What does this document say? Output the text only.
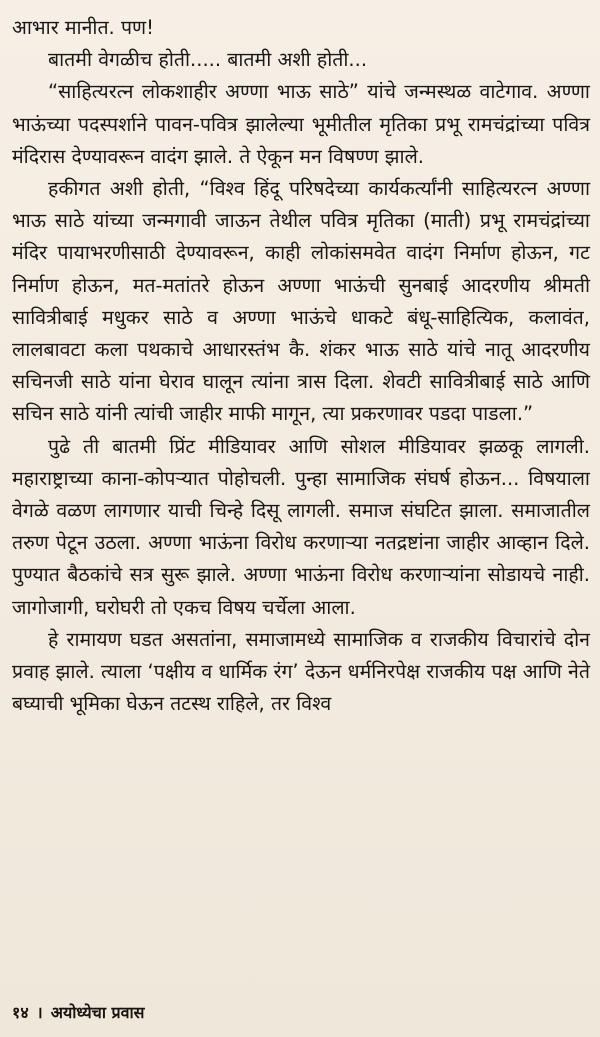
आभार मानीत. पण!

बातमी वेगळीच होती..... बातमी अशी होती...

“साहित्यरत्न लोकशाहीर अण्णा भाऊ साठे” यांचे जन्मस्थळ वाटेगाव. अण्णा भाऊंच्या पदस्पर्शाने पावन-पवित्र झालेल्या भूमीतील मृतिका प्रभू रामचंद्रांच्या पवित्र मंदिरास देण्यावरून वादंग झाले. ते ऐकून मन विषण्ण झाले.

हकीगत अशी होती, “विश्व हिंदू परिषदेच्या कार्यकर्त्यांनी साहित्यरत्न अण्णा भाऊ साठे यांच्या जन्मगावी जाऊन तेथील पवित्र मृतिका (माती) प्रभू रामचंद्रांच्या मंदिर पायाभरणीसाठी देण्यावरून, काही लोकांसमवेत वादंग निर्माण होऊन, गट निर्माण होऊन, मत-मतांतरे होऊन अण्णा भाऊंची सुनबाई आदरणीय श्रीमती सावित्रीबाई मधुकर साठे व अण्णा भाऊंचे धाकटे बंधू-साहित्यिक, कलावंत, लालबावटा कला पथकाचे आधारस्तंभ कै. शंकर भाऊ साठे यांचे नातू आदरणीय सचिनजी साठे यांना घेराव घालून त्यांना त्रास दिला. शेवटी सावित्रीबाई साठे आणि सचिन साठे यांनी त्यांची जाहीर माफी मागून, त्या प्रकरणावर पडदा पाडला.”

पुढे ती बातमी प्रिंट मीडियावर आणि सोशल मीडियावर झळकू लागली. महाराष्ट्राच्या काना-कोपऱ्यात पोहोचली. पुन्हा सामाजिक संघर्ष होऊन... विषयाला वेगळे वळण लागणार याची चिन्हे दिसू लागली. समाज संघटित झाला. समाजातील तरुण पेटून उठला. अण्णा भाऊंना विरोध करणाऱ्या नतद्रष्टांना जाहीर आव्हान दिले. पुण्यात बैठकांचे सत्र सुरू झाले. अण्णा भाऊंना विरोध करणाऱ्यांना सोडायचे नाही. जागोजागी, घरोघरी तो एकच विषय चर्चेला आला.

हे रामायण घडत असतांना, समाजामध्ये सामाजिक व राजकीय विचारांचे दोन प्रवाह झाले. त्याला ‘पक्षीय व धार्मिक रंग’ देऊन धर्मनिरपेक्ष राजकीय पक्ष आणि नेते बघ्याची भूमिका घेऊन तटस्थ राहिले, तर विश्व

१४ । अयोध्येचा प्रवास
